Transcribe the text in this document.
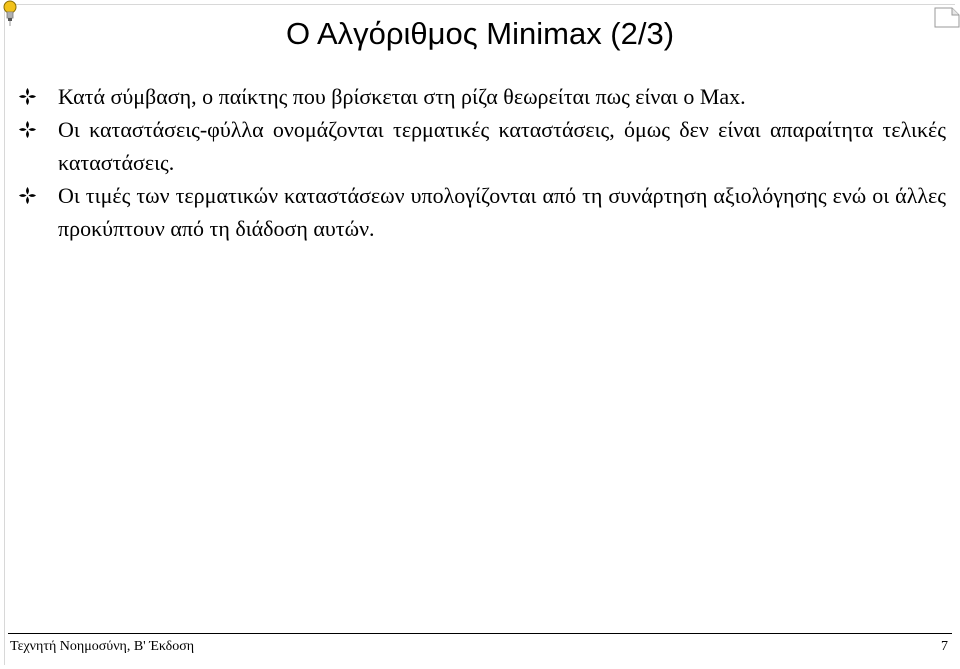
Ο Αλγόριθμος Minimax (2/3)
Κατά σύμβαση, ο παίκτης που βρίσκεται στη ρίζα θεωρείται πως είναι ο Max.
Οι καταστάσεις-φύλλα ονομάζονται τερματικές καταστάσεις, όμως δεν είναι απαραίτητα τελικές καταστάσεις.
Οι τιμές των τερματικών καταστάσεων υπολογίζονται από τη συνάρτηση αξιολόγησης ενώ οι άλλες προκύπτουν από τη διάδοση αυτών.
Τεχνητή Νοημοσύνη, Β' Έκδοση	7
